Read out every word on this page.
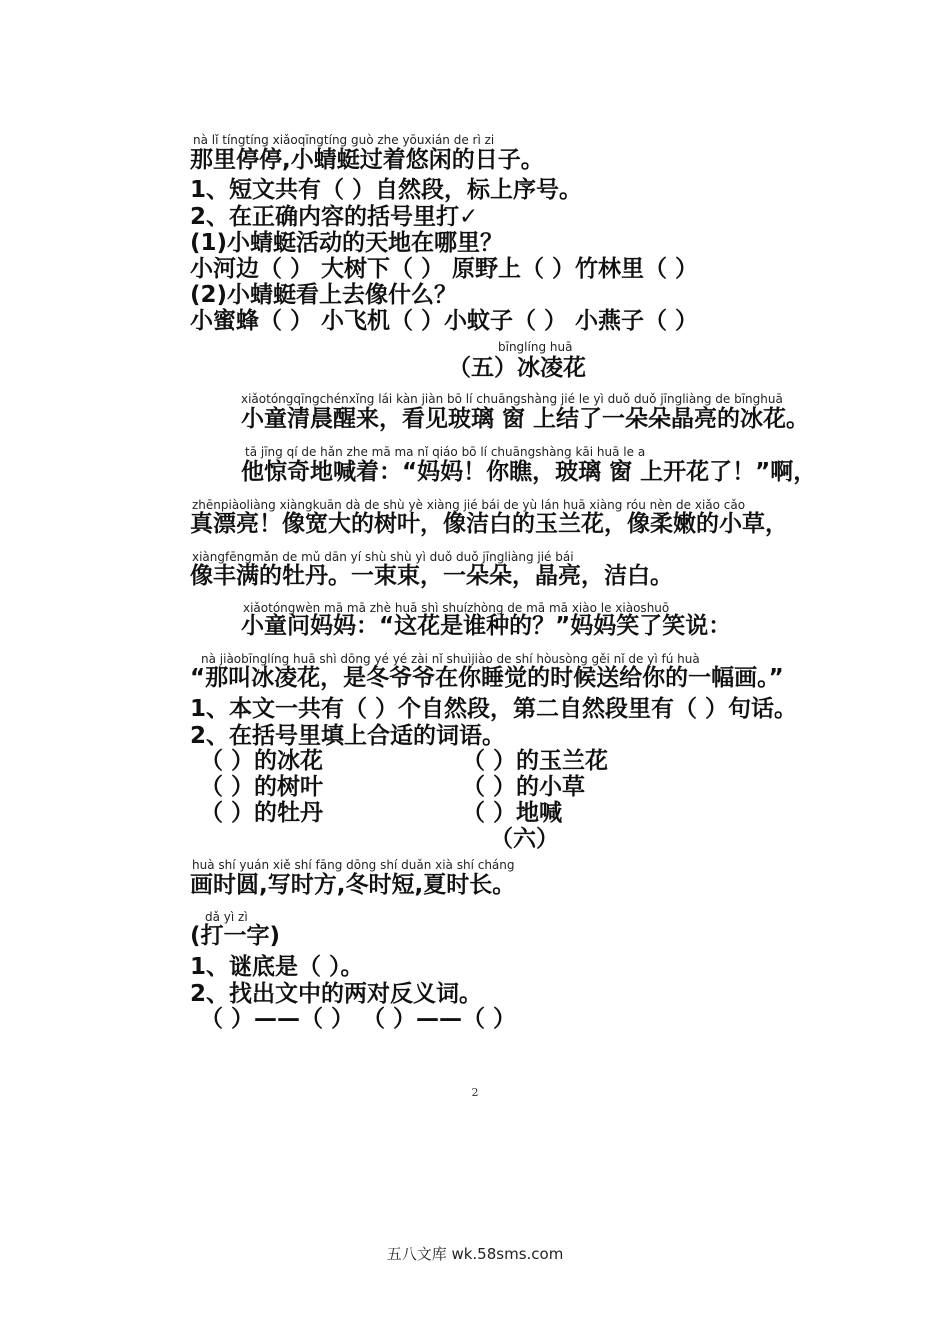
nà lǐ tíngtíng xiǎoqīngtíng guò zhe yōuxián de rì zi
那里停停,小蜻蜓过着悠闲的日子。
1、短文共有（ ）自然段，标上序号。
2、在正确内容的括号里打✓
(1)小蜻蜓活动的天地在哪里？
小河边（ ） 大树下（ ） 原野上（ ）竹林里（ ）
(2)小蜻蜓看上去像什么？
小蜜蜂（ ） 小飞机（ ）小蚊子（ ） 小燕子（ ）
bīnglíng huā
（五）冰凌花
xiǎotóngqīngchénxǐng lái kàn jiàn bō lí chuāngshàng jié le yì duǒ duǒ jīngliàng de bīnghuā
小童清晨醒来，看见玻璃 窗 上结了一朵朵晶亮的冰花。
tā jīng qí de hǎn zhe mā ma nǐ qiáo bō lí chuāngshàng kāi huā le a
他惊奇地喊着：“妈妈！你瞧，玻璃 窗 上开花了！”啊，
zhēnpiàoliàng xiàngkuān dà de shù yè xiàng jié bái de yù lán huā xiàng róu nèn de xiǎo cǎo
真漂亮！像宽大的树叶，像洁白的玉兰花，像柔嫩的小草，
xiàngfēngmǎn de mǔ dān yí shù shù yì duǒ duǒ jīngliàng jié bái
像丰满的牡丹。一束束，一朵朵，晶亮，洁白。
xiǎotóngwèn mā mā zhè huā shì shuízhòng de mā mā xiào le xiàoshuō
小童问妈妈：“这花是谁种的？”妈妈笑了笑说：
nà jiàobīnglíng huā shì dōng yé yé zài nǐ shuìjiào de shí hòusòng gěi nǐ de yì fú huà
“那叫冰凌花，是冬爷爷在你睡觉的时候送给你的一幅画。”
1、本文一共有（ ）个自然段，第二自然段里有（ ）句话。
2、在括号里填上合适的词语。
（ ）的冰花	（ ）的玉兰花
（ ）的树叶	（ ）的小草
（ ）的牡丹	（ ）地喊
（六）
huà shí yuán xiě shí fāng dōng shí duǎn xià shí cháng
画时圆,写时方,冬时短,夏时长。
dǎ yì zì
(打一字)
1、谜底是（ ）。
2、找出文中的两对反义词。
（ ）——（ ） （ ）——（ ）
2
五八文库 wk.58sms.com
